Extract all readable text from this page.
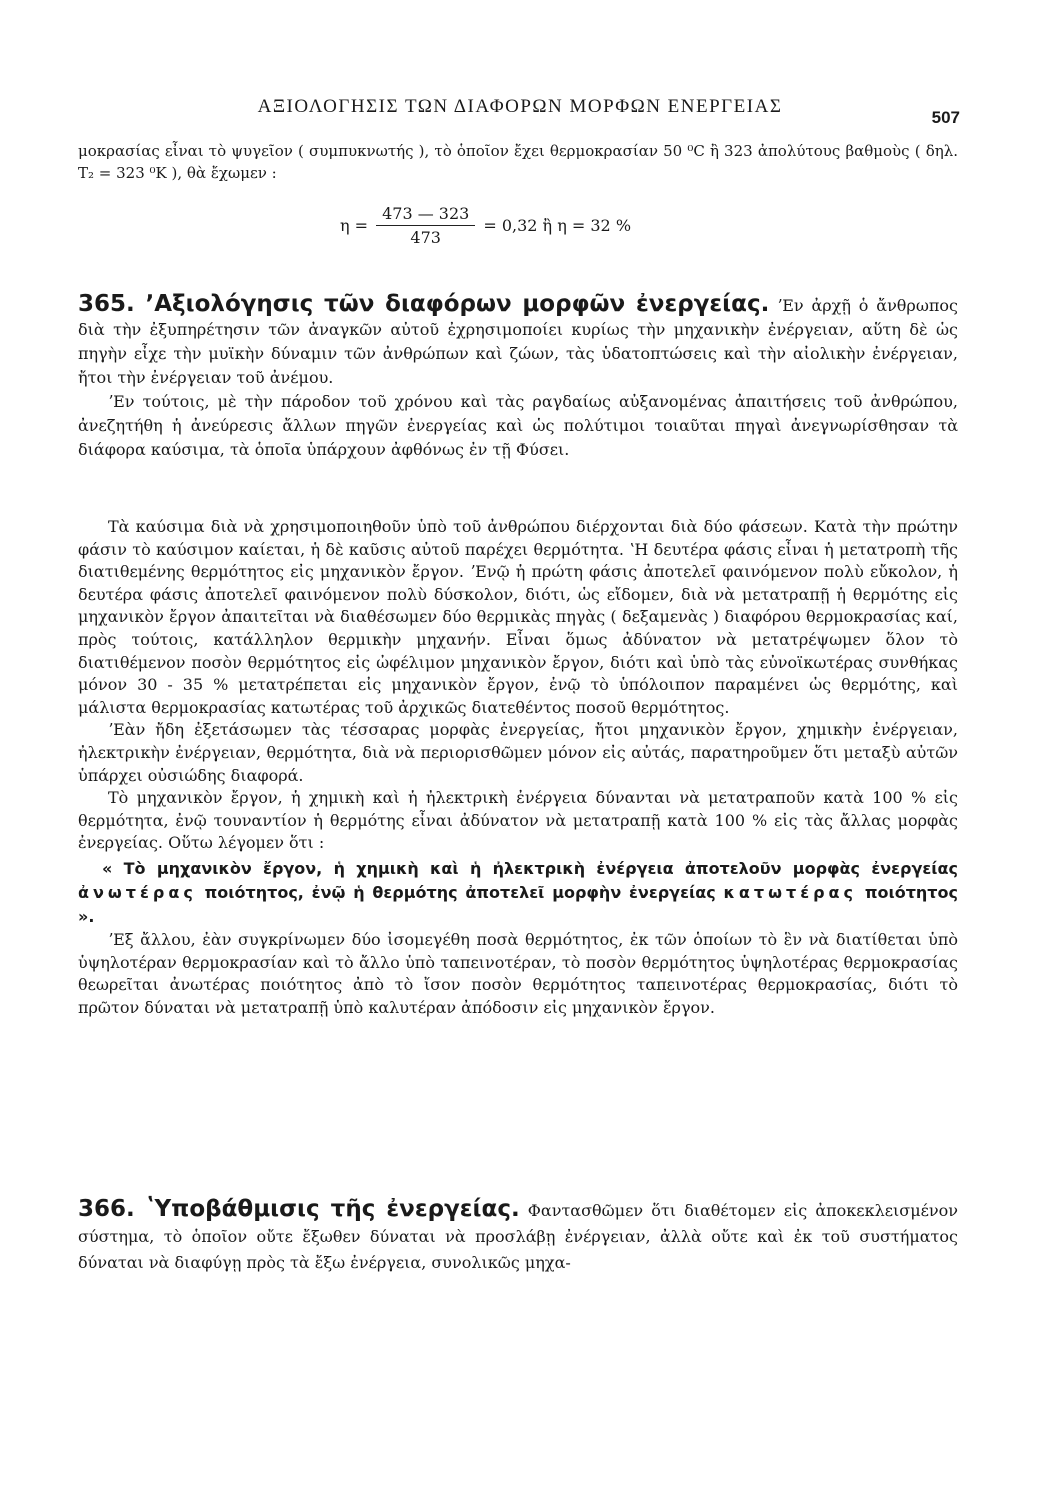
ΑΞΙΟΛΟΓΗΣΙΣ ΤΩΝ ΔΙΑΦΟΡΩΝ ΜΟΡΦΩΝ ΕΝΕΡΓΕΙΑΣ
507

μοκρασίας εἶναι τὸ ψυγεῖον ( συμπυκνωτής ), τὸ ὁποῖον ἔχει θερμοκρασίαν 50 ⁰C ἢ 323 ἀπολύτους βαθμοὺς ( δηλ. T₂ = 323 ⁰K ), θὰ ἔχωμεν :

$\eta = \frac{473 — 323}{473} = 0,32$ ἢ η = 32 %

365. ʼΑξιολόγησις τῶν διαφόρων μορφῶν ἐνεργείας. ʼΕν ἀρχῇ ὁ ἄνθρωπος διὰ τὴν ἐξυπηρέτησιν τῶν ἀναγκῶν αὐτοῦ ἐχρησιμοποίει κυρίως τὴν μηχανικὴν ἐνέργειαν, αὕτη δὲ ὡς πηγὴν εἶχε τὴν μυϊκὴν δύναμιν τῶν ἀνθρώπων καὶ ζώων, τὰς ὑδατοπτώσεις καὶ τὴν αἰολικὴν ἐνέργειαν, ἤτοι τὴν ἐνέργειαν τοῦ ἀνέμου.

ʼΕν τούτοις, μὲ τὴν πάροδον τοῦ χρόνου καὶ τὰς ραγδαίως αὐξανομένας ἀπαιτήσεις τοῦ ἀνθρώπου, ἀνεζητήθη ἡ ἀνεύρεσις ἄλλων πηγῶν ἐνεργείας καὶ ὡς πολύτιμοι τοιαῦται πηγαὶ ἀνεγνωρίσθησαν τὰ διάφορα καύσιμα, τὰ ὁποῖα ὑπάρχουν ἀφθόνως ἐν τῇ Φύσει.

Τὰ καύσιμα διὰ νὰ χρησιμοποιηθοῦν ὑπὸ τοῦ ἀνθρώπου διέρχονται διὰ δύο φάσεων. Κατὰ τὴν πρώτην φάσιν τὸ καύσιμον καίεται, ἡ δὲ καῦσις αὐτοῦ παρέχει θερμότητα. ʽΗ δευτέρα φάσις εἶναι ἡ μετατροπὴ τῆς διατιθεμένης θερμότητος εἰς μηχανικὸν ἔργον. ʼΕνῷ ἡ πρώτη φάσις ἀποτελεῖ φαινόμενον πολὺ εὔκολον, ἡ δευτέρα φάσις ἀποτελεῖ φαινόμενον πολὺ δύσκολον, διότι, ὡς εἴδομεν, διὰ νὰ μετατραπῇ ἡ θερμότης εἰς μηχανικὸν ἔργον ἀπαιτεῖται νὰ διαθέσωμεν δύο θερμικὰς πηγὰς ( δεξαμενὰς ) διαφόρου θερμοκρασίας καί, πρὸς τούτοις, κατάλληλον θερμικὴν μηχανήν. Εἶναι ὅμως ἀδύνατον νὰ μετατρέψωμεν ὅλον τὸ διατιθέμενον ποσὸν θερμότητος εἰς ὠφέλιμον μηχανικὸν ἔργον, διότι καὶ ὑπὸ τὰς εὐνοϊκωτέρας συνθήκας μόνον 30 - 35 % μετατρέπεται εἰς μηχανικὸν ἔργον, ἐνῷ τὸ ὑπόλοιπον παραμένει ὡς θερμότης, καὶ μάλιστα θερμοκρασίας κατωτέρας τοῦ ἀρχικῶς διατεθέντος ποσοῦ θερμότητος.

ʼΕὰν ἤδη ἐξετάσωμεν τὰς τέσσαρας μορφὰς ἐνεργείας, ἤτοι μηχανικὸν ἔργον, χημικὴν ἐνέργειαν, ἠλεκτρικὴν ἐνέργειαν, θερμότητα, διὰ νὰ περιορισθῶμεν μόνον εἰς αὐτάς, παρατηροῦμεν ὅτι μεταξὺ αὐτῶν ὑπάρχει οὐσιώδης διαφορά.

Τὸ μηχανικὸν ἔργον, ἡ χημικὴ καὶ ἡ ἠλεκτρικὴ ἐνέργεια δύνανται νὰ μετατραποῦν κατὰ 100 % εἰς θερμότητα, ἐνῷ τουναντίον ἡ θερμότης εἶναι ἀδύνατον νὰ μετατραπῇ κατὰ 100 % εἰς τὰς ἄλλας μορφὰς ἐνεργείας. Οὕτω λέγομεν ὅτι :

« Τὸ μηχανικὸν ἔργον, ἡ χημικὴ καὶ ἡ ἠλεκτρικὴ ἐνέργεια ἀποτελοῦν μορφὰς ἐνεργείας ἀνωτέρας ποιότητος, ἐνῷ ἡ θερμότης ἀποτελεῖ μορφὴν ἐνεργείας κατωτέρας ποιότητος ».

ʼΕξ ἄλλου, ἐὰν συγκρίνωμεν δύο ἰσομεγέθη ποσὰ θερμότητος, ἐκ τῶν ὁποίων τὸ ἓν νὰ διατίθεται ὑπὸ ὑψηλοτέραν θερμοκρασίαν καὶ τὸ ἄλλο ὑπὸ ταπεινοτέραν, τὸ ποσὸν θερμότητος ὑψηλοτέρας θερμοκρασίας θεωρεῖται ἀνωτέρας ποιότητος ἀπὸ τὸ ἴσον ποσὸν θερμότητος ταπεινοτέρας θερμοκρασίας, διότι τὸ πρῶτον δύναται νὰ μετατραπῇ ὑπὸ καλυτέραν ἀπόδοσιν εἰς μηχανικὸν ἔργον.

366. ʽΥποβάθμισις τῆς ἐνεργείας. Φαντασθῶμεν ὅτι διαθέτομεν εἰς ἀποκεκλεισμένον σύστημα, τὸ ὁποῖον οὔτε ἔξωθεν δύναται νὰ προσλάβῃ ἐνέργειαν, ἀλλὰ οὔτε καὶ ἐκ τοῦ συστήματος δύναται νὰ διαφύγῃ πρὸς τὰ ἔξω ἐνέργεια, συνολικῶς μηχα-
